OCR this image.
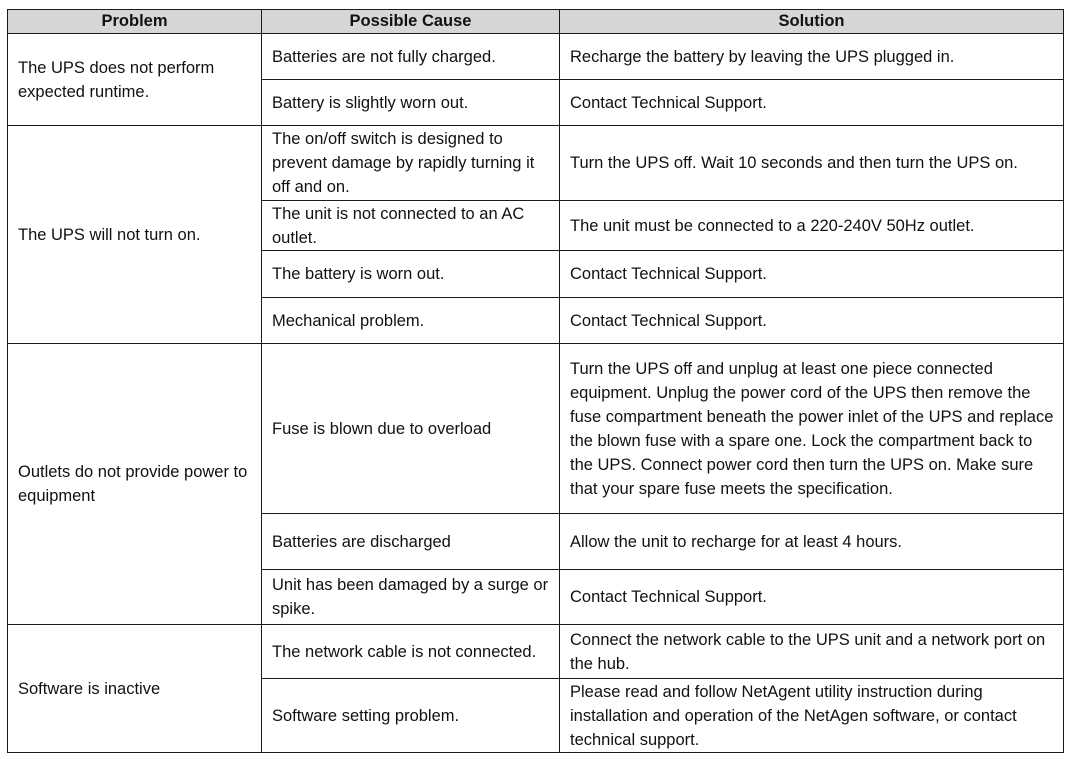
Problem	Possible Cause	Solution
The UPS does not perform expected runtime.	Batteries are not fully charged.	Recharge the battery by leaving the UPS plugged in.
	Battery is slightly worn out.	Contact Technical Support.
The UPS will not turn on.	The on/off switch is designed to prevent damage by rapidly turning it off and on.	Turn the UPS off. Wait 10 seconds and then turn the UPS on.
	The unit is not connected to an AC outlet.	The unit must be connected to a 220-240V 50Hz outlet.
	The battery is worn out.	Contact Technical Support.
	Mechanical problem.	Contact Technical Support.
Outlets do not provide power to equipment	Fuse is blown due to overload	Turn the UPS off and unplug at least one piece connected equipment. Unplug the power cord of the UPS then remove the fuse compartment beneath the power inlet of the UPS and replace the blown fuse with a spare one. Lock the compartment back to the UPS. Connect power cord then turn the UPS on. Make sure that your spare fuse meets the specification.
	Batteries are discharged	Allow the unit to recharge for at least 4 hours.
	Unit has been damaged by a surge or spike.	Contact Technical Support.
Software is inactive	The network cable is not connected.	Connect the network cable to the UPS unit and a network port on the hub.
	Software setting problem.	Please read and follow NetAgent utility instruction during installation and operation of the NetAgen software, or contact technical support.
